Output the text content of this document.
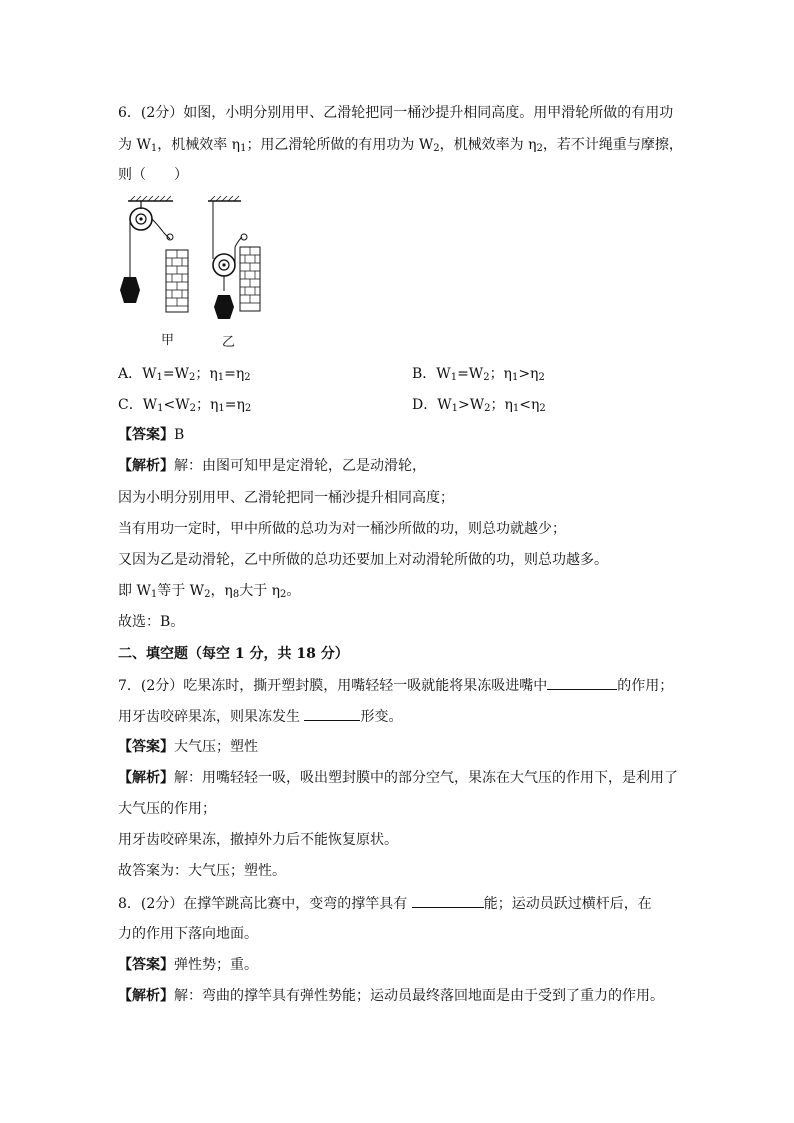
6．(2分）如图，小明分别用甲、乙滑轮把同一桶沙提升相同高度。用甲滑轮所做的有用功
为 $W_1$，机械效率 $\eta_1$；用乙滑轮所做的有用功为 $W_2$，机械效率为 $\eta_2$，若不计绳重与摩擦，
则（　　）
甲	乙
A．$W_1=W_2$；$\eta_1=\eta_2$	B．$W_1=W_2$；$\eta_1>\eta_2$
C．$W_1<W_2$；$\eta_1=\eta_2$	D．$W_1>W_2$；$\eta_1<\eta_2$
【答案】B
【解析】解：由图可知甲是定滑轮，乙是动滑轮，
因为小明分别用甲、乙滑轮把同一桶沙提升相同高度；
当有用功一定时，甲中所做的总功为对一桶沙所做的功，则总功就越少；
又因为乙是动滑轮，乙中所做的总功还要加上对动滑轮所做的功，则总功越多。
即 $W_1$等于 $W_2$，$\eta_8$大于 $\eta_2$。
故选：B。
二、填空题（每空 1 分，共 18 分）
7．(2分）吃果冻时，撕开塑封膜，用嘴轻轻一吸就能将果冻吸进嘴中	的作用；
用牙齿咬碎果冻，则果冻发生	形变。
【答案】大气压；塑性
【解析】解：用嘴轻轻一吸，吸出塑封膜中的部分空气，果冻在大气压的作用下，是利用了
大气压的作用；
用牙齿咬碎果冻，撤掉外力后不能恢复原状。
故答案为：大气压；塑性。
8．(2分）在撑竿跳高比赛中，变弯的撑竿具有	能；运动员跃过横杆后，在
力的作用下落向地面。
【答案】弹性势；重。
【解析】解：弯曲的撑竿具有弹性势能；运动员最终落回地面是由于受到了重力的作用。
